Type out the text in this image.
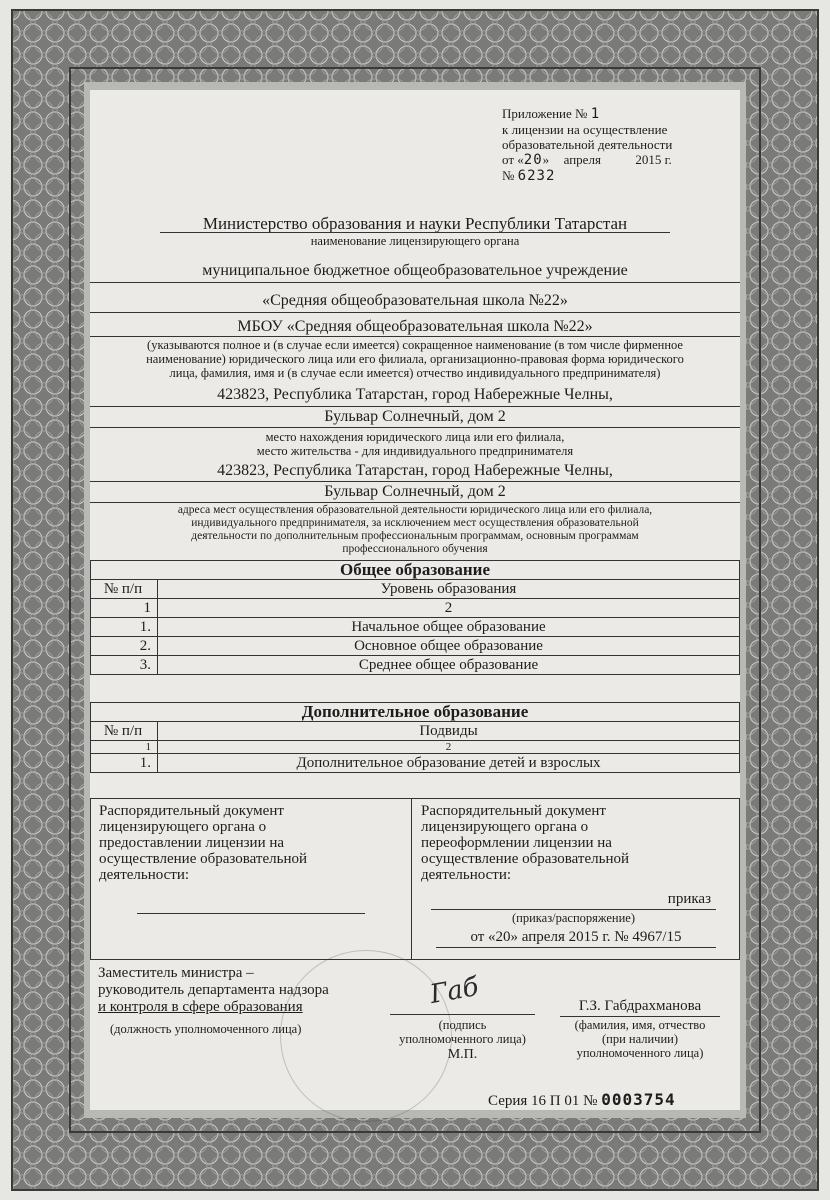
Приложение № 1
к лицензии на осуществление
образовательной деятельности
от «20» апреля	2015 г.
№ 6232
Министерство образования и науки Республики Татарстан
наименование лицензирующего органа
муниципальное бюджетное общеобразовательное учреждение
«Средняя общеобразовательная школа №22»
МБОУ «Средняя общеобразовательная школа №22»
(указываются полное и (в случае если имеется) сокращенное наименование (в том числе фирменное
наименование) юридического лица или его филиала, организационно-правовая форма юридического
лица, фамилия, имя и (в случае если имеется) отчество индивидуального предпринимателя)
423823, Республика Татарстан, город Набережные Челны,
Бульвар Солнечный, дом 2
место нахождения юридического лица или его филиала,
место жительства - для индивидуального предпринимателя
423823, Республика Татарстан, город Набережные Челны,
Бульвар Солнечный, дом 2
адреса мест осуществления образовательной деятельности юридического лица или его филиала,
индивидуального предпринимателя, за исключением мест осуществления образовательной
деятельности по дополнительным профессиональным программам, основным программам
профессионального обучения
Общее образование	
№ п/п	Уровень образования
1	2
1.	Начальное общее образование
2.	Основное общее образование
3.	Среднее общее образование
Дополнительное образование	
№ п/п	Подвиды
1	2
1.	Дополнительное образование детей и взрослых
Распорядительный документ
лицензирующего органа о
предоставлении лицензии на
осуществление образовательной
деятельности:
Распорядительный документ
лицензирующего органа о
переоформлении лицензии на
осуществление образовательной
деятельности:
приказ
(приказ/распоряжение)
от «20» апреля 2015 г. № 4967/15
Заместитель министра –
руководитель департамента надзора
и контроля в сфере образования
(должность уполномоченного лица)
Габ
(подпись
уполномоченного лица)
М.П.
Г.З. Габдрахманова
(фамилия, имя, отчество
(при наличии)
уполномоченного лица)
Серия 16 П 01 № 0003754
